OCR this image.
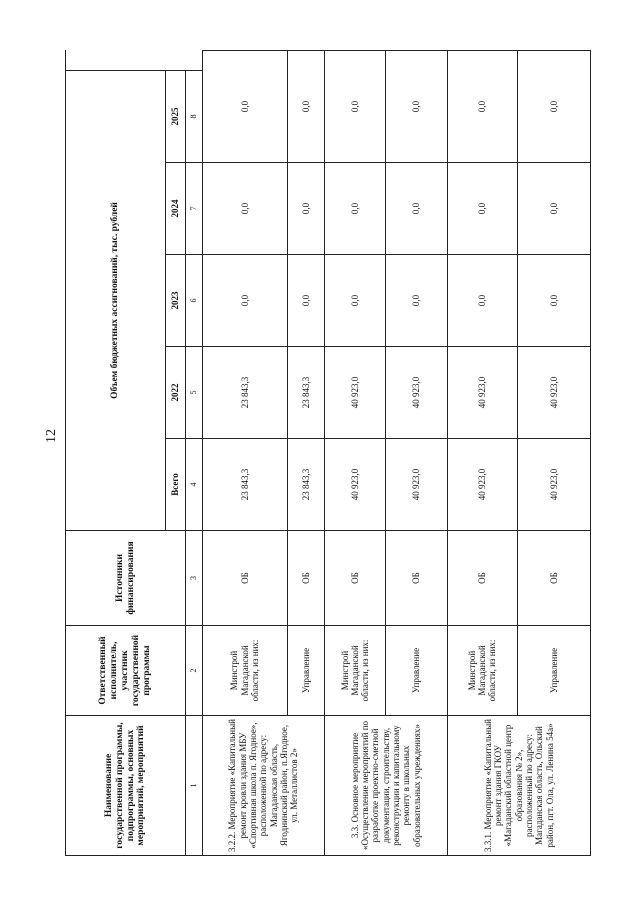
12
Наименование государственной программы, подпрограммы, основных мероприятий, мероприятий	Ответственный исполнитель, участник государственной программы	Источники финансирования	Объем бюджетных ассигнований, тыс. рублей					
			Всего	2022	2023	2024	2025	
1	2	3	4	5	6	7	8	
3.2.2. Мероприятие «Капитальный ремонт кровли здания МБУ «Спортивная школа п. Ягодное», расположенной по адресу: Магаданская область, Ягоднинский район, п.Ягодное, ул. Металлистов 2»	Минстрой Магаданской области, из них:	ОБ	23 843,3	23 843,3	0,0	0,0	0,0	
	Управление	ОБ	23 843,3	23 843,3	0,0	0,0	0,0	
3.3. Основное мероприятие «Осуществление мероприятий по разработке проектно-сметной документации, строительству, реконструкции и капитальному ремонту в школьных образовательных учреждениях»	Минстрой Магаданской области, из них:	ОБ	40 923,0	40 923,0	0,0	0,0	0,0	
	Управление	ОБ	40 923,0	40 923,0	0,0	0,0	0,0	
3.3.1. Мероприятие «Капитальный ремонт здания ГКОУ «Магаданский областной центр образования № 2», расположенный по адресу: Магаданская область, Ольский район, пгт. Ола, ул. Ленина 54а»	Минстрой Магаданской области, из них:	ОБ	40 923,0	40 923,0	0,0	0,0	0,0	
	Управление	ОБ	40 923,0	40 923,0	0,0	0,0	0,0	
